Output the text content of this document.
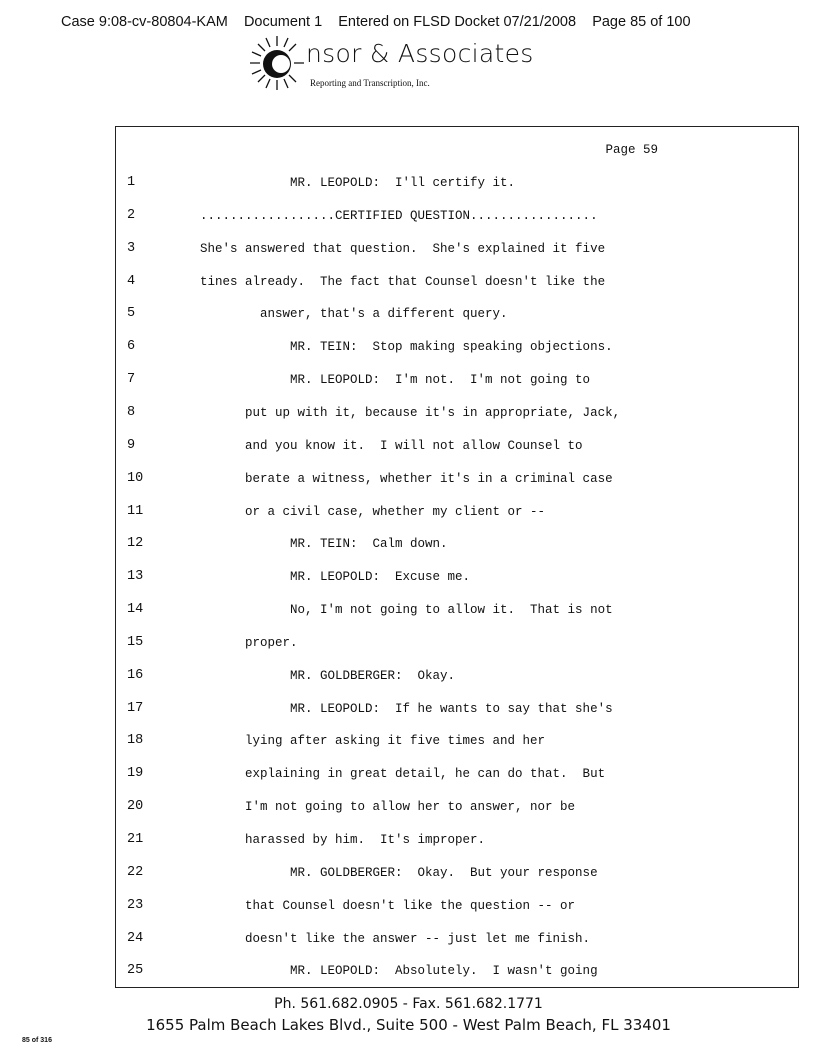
Case 9:08-cv-80804-KAM Document 1 Entered on FLSD Docket 07/21/2008 Page 85 of 100
nsor & Associates
Reporting and Transcription, Inc.
Page 59
1	MR. LEOPOLD:  I'll certify it.
2	..................CERTIFIED QUESTION.................
3	She's answered that question.  She's explained it five
4	tines already.  The fact that Counsel doesn't like the
5	answer, that's a different query.
6	MR. TEIN:  Stop making speaking objections.
7	MR. LEOPOLD:  I'm not.  I'm not going to
8	put up with it, because it's in appropriate, Jack,
9	and you know it.  I will not allow Counsel to
10	berate a witness, whether it's in a criminal case
11	or a civil case, whether my client or --
12	MR. TEIN:  Calm down.
13	MR. LEOPOLD:  Excuse me.
14	No, I'm not going to allow it.  That is not
15	proper.
16	MR. GOLDBERGER:  Okay.
17	MR. LEOPOLD:  If he wants to say that she's
18	lying after asking it five times and her
19	explaining in great detail, he can do that.  But
20	I'm not going to allow her to answer, nor be
21	harassed by him.  It's improper.
22	MR. GOLDBERGER:  Okay.  But your response
23	that Counsel doesn't like the question -- or
24	doesn't like the answer -- just let me finish.
25	MR. LEOPOLD:  Absolutely.  I wasn't going
Ph. 561.682.0905 - Fax. 561.682.1771
1655 Palm Beach Lakes Blvd., Suite 500 - West Palm Beach, FL 33401
85 of 316
